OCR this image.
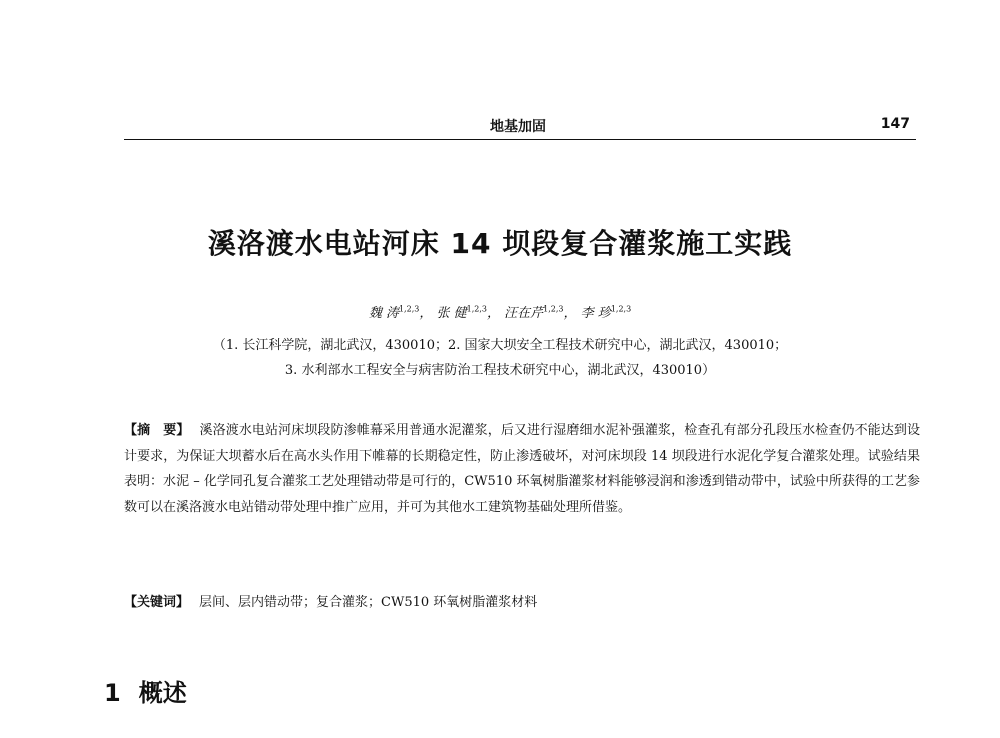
地基加固	147
溪洛渡水电站河床 14 坝段复合灌浆施工实践
魏 涛$^{1,2,3}$， 张 健$^{1,2,3}$， 汪在芹$^{1,2,3}$， 李 珍$^{1,2,3}$
（1. 长江科学院，湖北武汉，430010；2. 国家大坝安全工程技术研究中心，湖北武汉，430010；
3. 水利部水工程安全与病害防治工程技术研究中心，湖北武汉，430010）
【摘　要】 溪洛渡水电站河床坝段防渗帷幕采用普通水泥灌浆，后又进行湿磨细水泥补强灌浆，检查孔有部分孔段压水检查仍不能达到设计要求，为保证大坝蓄水后在高水头作用下帷幕的长期稳定性，防止渗透破坏，对河床坝段 14 坝段进行水泥化学复合灌浆处理。试验结果表明：水泥 – 化学同孔复合灌浆工艺处理错动带是可行的，CW510 环氧树脂灌浆材料能够浸润和渗透到错动带中，试验中所获得的工艺参数可以在溪洛渡水电站错动带处理中推广应用，并可为其他水工建筑物基础处理所借鉴。
【关键词】 层间、层内错动带；复合灌浆；CW510 环氧树脂灌浆材料
1 概述
